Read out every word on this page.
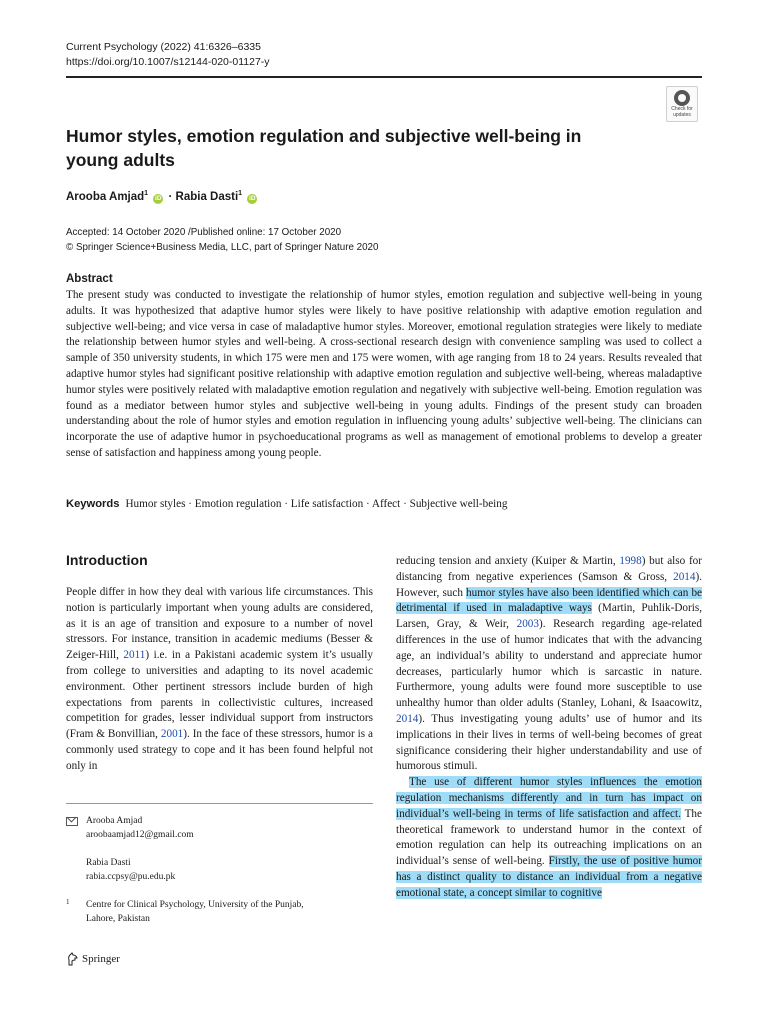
Current Psychology (2022) 41:6326–6335
https://doi.org/10.1007/s12144-020-01127-y
Check for updates
Humor styles, emotion regulation and subjective well-being in young adults
Arooba Amjad$^1$ iD · Rabia Dasti$^1$ iD
Accepted: 14 October 2020 /Published online: 17 October 2020
© Springer Science+Business Media, LLC, part of Springer Nature 2020
Abstract

The present study was conducted to investigate the relationship of humor styles, emotion regulation and subjective well-being in young adults. It was hypothesized that adaptive humor styles were likely to have positive relationship with adaptive emotion regulation and subjective well-being; and vice versa in case of maladaptive humor styles. Moreover, emotional regulation strategies were likely to mediate the relationship between humor styles and well-being. A cross-sectional research design with convenience sampling was used to collect a sample of 350 university students, in which 175 were men and 175 were women, with age ranging from 18 to 24 years. Results revealed that adaptive humor styles had significant positive relationship with adaptive emotion regulation and subjective well-being, whereas maladaptive humor styles were positively related with maladaptive emotion regulation and negatively with subjective well-being. Emotion regulation was found as a mediator between humor styles and subjective well-being in young adults. Findings of the present study can broaden understanding about the role of humor styles and emotion regulation in influencing young adults’ subjective well-being. The clinicians can incorporate the use of adaptive humor in psychoeducational programs as well as management of emotional problems to develop a greater sense of satisfaction and happiness among young people.

Keywords Humor styles · Emotion regulation · Life satisfaction · Affect · Subjective well-being
Introduction

People differ in how they deal with various life circumstances. This notion is particularly important when young adults are considered, as it is an age of transition and exposure to a number of novel stressors. For instance, transition in academic mediums (Besser & Zeiger-Hill, 2011) i.e. in a Pakistani academic system it’s usually from college to universities and adapting to its novel academic environment. Other pertinent stressors include burden of high expectations from parents in collectivistic cultures, increased competition for grades, lesser individual support from instructors (Fram & Bonvillian, 2001). In the face of these stressors, humor is a commonly used strategy to cope and it has been found helpful not only in

reducing tension and anxiety (Kuiper & Martin, 1998) but also for distancing from negative experiences (Samson & Gross, 2014). However, such humor styles have also been identified which can be detrimental if used in maladaptive ways (Martin, Puhlik-Doris, Larsen, Gray, & Weir, 2003). Research regarding age-related differences in the use of humor indicates that with the advancing age, an individual’s ability to understand and appreciate humor decreases, particularly humor which is sarcastic in nature. Furthermore, young adults were found more susceptible to use unhealthy humor than older adults (Stanley, Lohani, & Isaacowitz, 2014). Thus investigating young adults’ use of humor and its implications in their lives in terms of well-being becomes of great significance considering their higher understandability and use of humorous stimuli.

The use of different humor styles influences the emotion regulation mechanisms differently and in turn has impact on individual’s well-being in terms of life satisfaction and affect. The theoretical framework to understand humor in the context of emotion regulation can help its outreaching implications on an individual’s sense of well-being. Firstly, the use of positive humor has a distinct quality to distance an individual from a negative emotional state, a concept similar to cognitive

Arooba Amjad
aroobaamjad12@gmail.com
Rabia Dasti
rabia.ccpsy@pu.edu.pk
1 Centre for Clinical Psychology, University of the Punjab,
Lahore, Pakistan
Springer
